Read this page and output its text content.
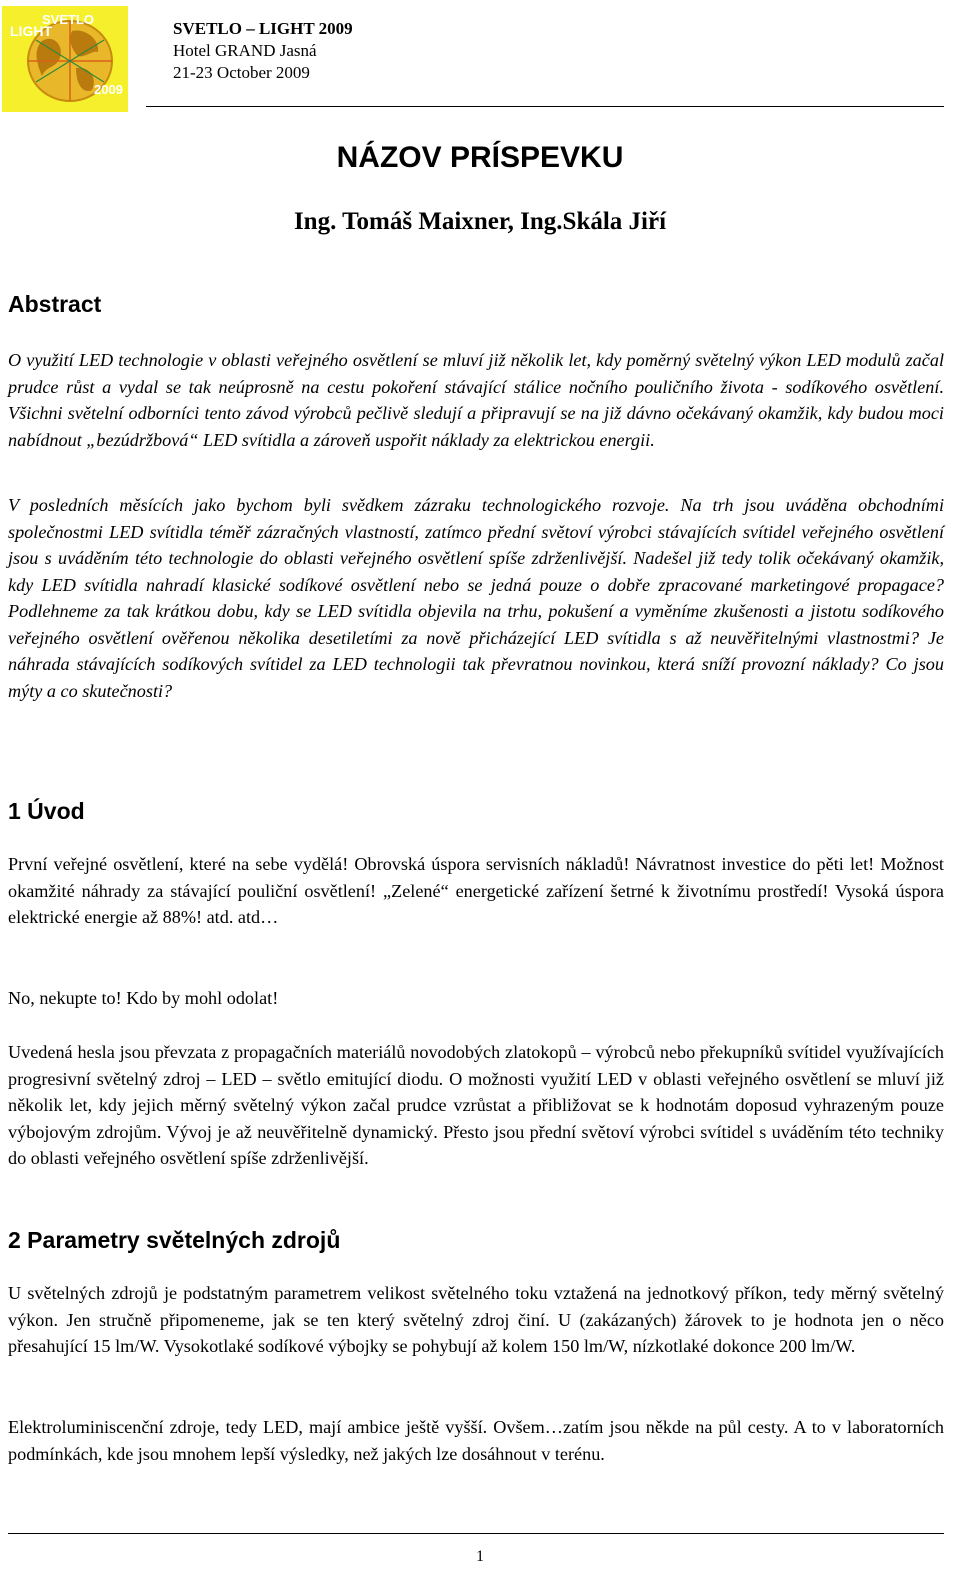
LIGHT
SVETLO
2009
SVETLO – LIGHT 2009
Hotel GRAND Jasná
21-23 October 2009
NÁZOV PRÍSPEVKU
Ing. Tomáš Maixner, Ing.Skála Jiří
Abstract

O využití LED technologie v oblasti veřejného osvětlení se mluví již několik let, kdy poměrný světelný výkon LED modulů začal prudce růst a vydal se tak neúprosně na cestu pokoření stávající stálice nočního pouličního života - sodíkového osvětlení. Všichni světelní odborníci tento závod výrobců pečlivě sledují a připravují se na již dávno očekávaný okamžik, kdy budou moci nabídnout „bezúdržbová“ LED svítidla a zároveň uspořit náklady za elektrickou energii.

V posledních měsících jako bychom byli svědkem zázraku technologického rozvoje. Na trh jsou uváděna obchodními společnostmi LED svítidla téměř zázračných vlastností, zatímco přední světoví výrobci stávajících svítidel veřejného osvětlení jsou s uváděním této technologie do oblasti veřejného osvětlení spíše zdrženlivější. Nadešel již tedy tolik očekávaný okamžik, kdy LED svítidla nahradí klasické sodíkové osvětlení nebo se jedná pouze o dobře zpracované marketingové propagace? Podlehneme za tak krátkou dobu, kdy se LED svítidla objevila na trhu, pokušení a vyměníme zkušenosti a jistotu sodíkového veřejného osvětlení ověřenou několika desetiletími za nově přicházející LED svítidla s až neuvěřitelnými vlastnostmi? Je náhrada stávajících sodíkových svítidel za LED technologii tak převratnou novinkou, která sníží provozní náklady? Co jsou mýty a co skutečnosti?

1 Úvod

První veřejné osvětlení, které na sebe vydělá! Obrovská úspora servisních nákladů! Návratnost investice do pěti let! Možnost okamžité náhrady za stávající pouliční osvětlení! „Zelené“ energetické zařízení šetrné k životnímu prostředí! Vysoká úspora elektrické energie až 88%! atd. atd…

No, nekupte to! Kdo by mohl odolat!

Uvedená hesla jsou převzata z propagačních materiálů novodobých zlatokopů – výrobců nebo překupníků svítidel využívajících progresivní světelný zdroj – LED – světlo emitující diodu. O možnosti využití LED v oblasti veřejného osvětlení se mluví již několik let, kdy jejich měrný světelný výkon začal prudce vzrůstat a přibližovat se k hodnotám doposud vyhrazeným pouze výbojovým zdrojům. Vývoj je až neuvěřitelně dynamický. Přesto jsou přední světoví výrobci svítidel s uváděním této techniky do oblasti veřejného osvětlení spíše zdrženlivější.

2 Parametry světelných zdrojů

U světelných zdrojů je podstatným parametrem velikost světelného toku vztažená na jednotkový příkon, tedy měrný světelný výkon. Jen stručně připomeneme, jak se ten který světelný zdroj činí. U (zakázaných) žárovek to je hodnota jen o něco přesahující 15 lm/W. Vysokotlaké sodíkové výbojky se pohybují až kolem 150 lm/W, nízkotlaké dokonce 200 lm/W.

Elektroluminiscenční zdroje, tedy LED, mají ambice ještě vyšší. Ovšem…zatím jsou někde na půl cesty. A to v laboratorních podmínkách, kde jsou mnohem lepší výsledky, než jakých lze dosáhnout v terénu.

1
